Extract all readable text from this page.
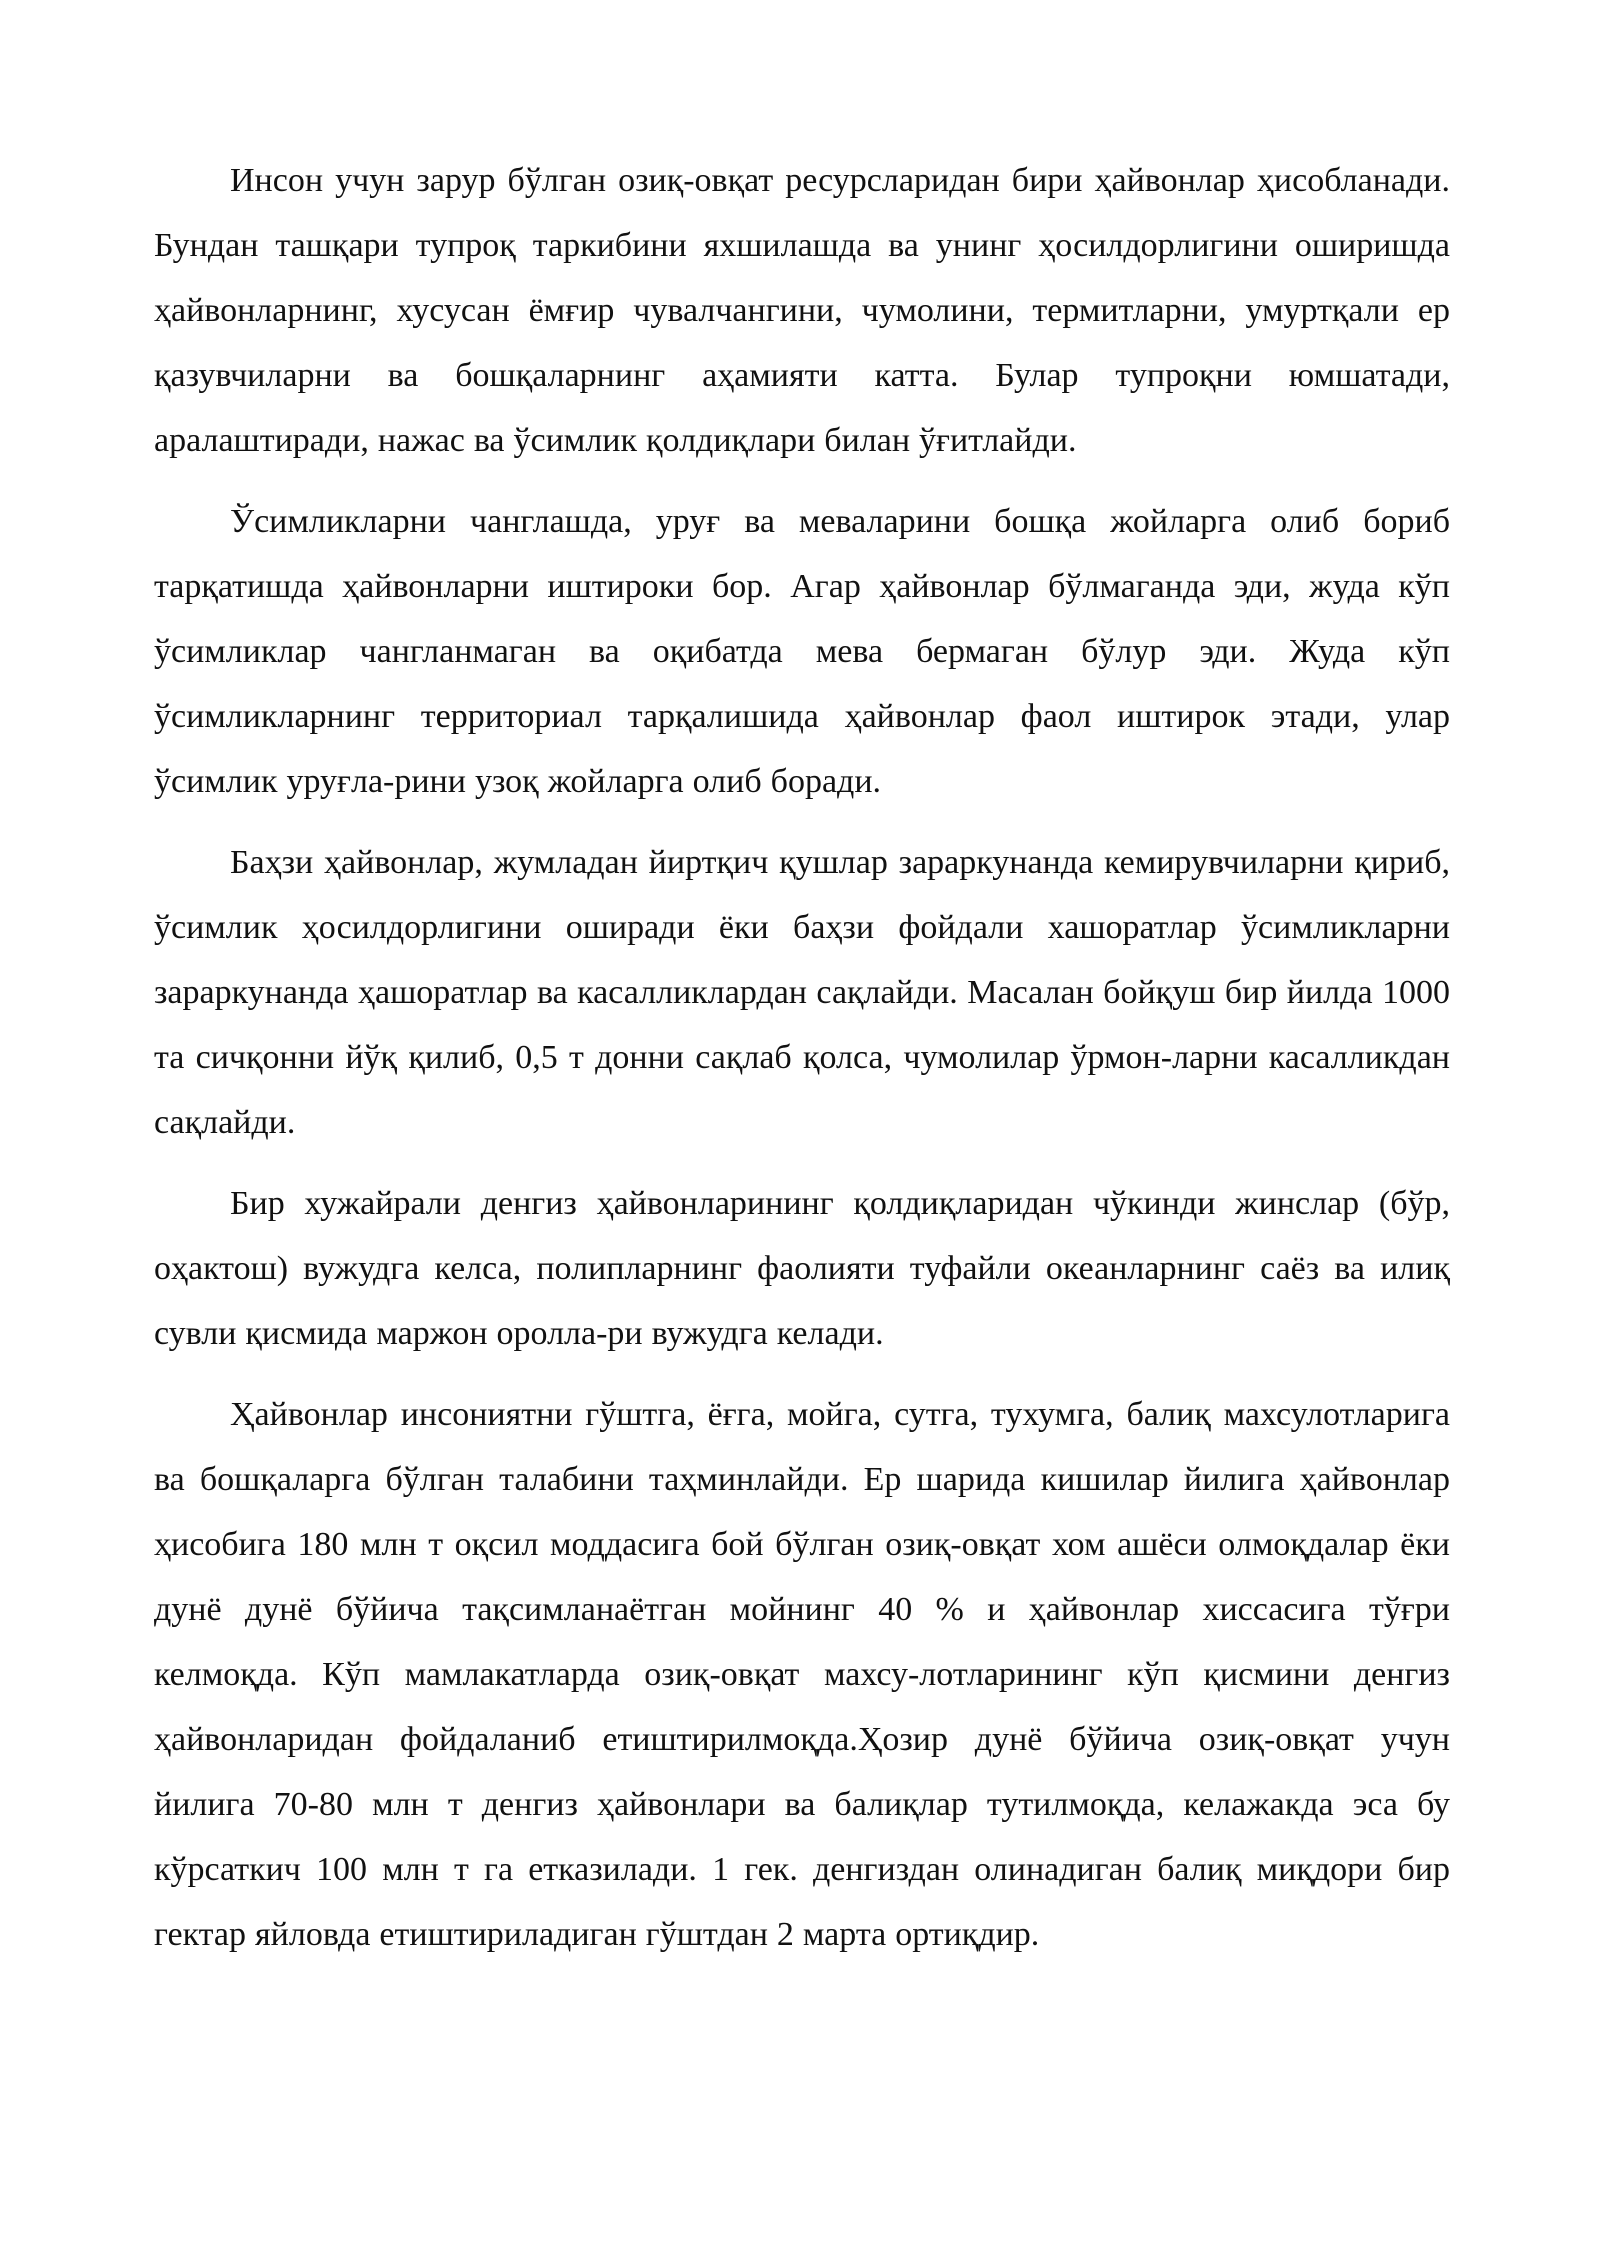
Инсон учун зарур бўлган озиқ-овқат ресурсларидан бири ҳайвонлар ҳисобланади. Бундан ташқари тупроқ таркибини яхшилашда ва унинг ҳосилдорлигини оширишда ҳайвонларнинг, хусусан ёмғир чувалчангини, чумолини, термитларни, умуртқали ер қазувчиларни ва бошқаларнинг аҳамияти катта. Булар тупроқни юмшатади, аралаштиради, нажас ва ўсимлик қолдиқлари билан ўғитлайди.

Ўсимликларни чанглашда, уруғ ва меваларини бошқа жойларга олиб бориб тарқатишда ҳайвонларни иштироки бор. Агар ҳайвонлар бўлмаганда эди, жуда кўп ўсимликлар чангланмаган ва оқибатда мева бермаган бўлур эди. Жуда кўп ўсимликларнинг территориал тарқалишида ҳайвонлар фаол иштирок этади, улар ўсимлик уруғла-рини узоқ жойларга олиб боради.

Баҳзи ҳайвонлар, жумладан йиртқич қушлар зараркунанда кемирувчиларни қириб, ўсимлик ҳосилдорлигини оширади ёки баҳзи фойдали хашоратлар ўсимликларни зараркунанда ҳашоратлар ва касалликлардан сақлайди. Масалан бойқуш бир йилда 1000 та сичқонни йўқ қилиб, 0,5 т донни сақлаб қолса, чумолилар ўрмон-ларни касалликдан сақлайди.

Бир хужайрали денгиз ҳайвонларининг қолдиқларидан чўкинди жинслар (бўр, оҳактош) вужудга келса, полипларнинг фаолияти туфайли океанларнинг саёз ва илиқ сувли қисмида маржон оролла-ри вужудга келади.

Ҳайвонлар инсониятни гўштга, ёғга, мойга, сутга, тухумга, балиқ махсулотларига ва бошқаларга бўлган талабини таҳминлайди. Ер шарида кишилар йилига ҳайвонлар ҳисобига 180 млн т оқсил моддасига бой бўлган озиқ-овқат хом ашёси олмоқдалар ёки дунё дунё бўйича тақсимланаётган мойнинг 40 % и ҳайвонлар хиссасига тўғри келмоқда. Кўп мамлакатларда озиқ-овқат махсу-лотларининг кўп қисмини денгиз ҳайвонларидан фойдаланиб етиштирилмоқда.Ҳозир дунё бўйича озиқ-овқат учун йилига 70-80 млн т денгиз ҳайвонлари ва балиқлар тутилмоқда, келажакда эса бу кўрсаткич 100 млн т га етказилади. 1 гек. денгиздан олинадиган балиқ миқдори бир гектар яйловда етиштириладиган гўштдан 2 марта ортиқдир.
